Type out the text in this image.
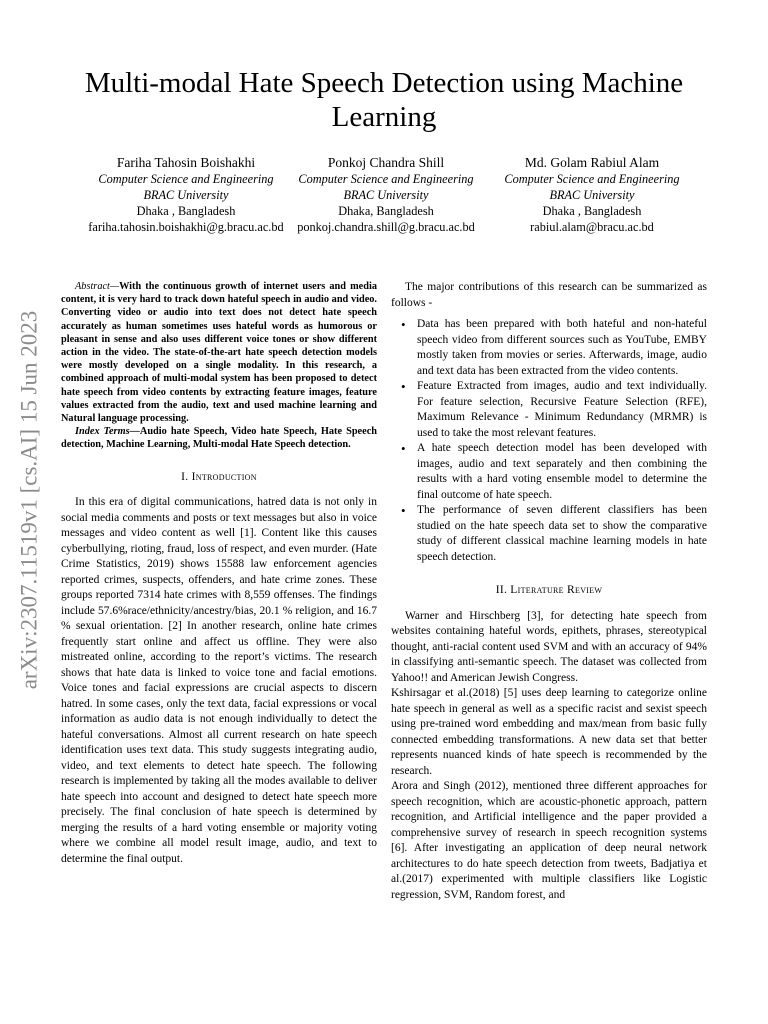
Multi-modal Hate Speech Detection using Machine Learning
Fariha Tahosin Boishakhi
Computer Science and Engineering
BRAC University
Dhaka , Bangladesh
fariha.tahosin.boishakhi@g.bracu.ac.bd
Ponkoj Chandra Shill
Computer Science and Engineering
BRAC University
Dhaka, Bangladesh
ponkoj.chandra.shill@g.bracu.ac.bd
Md. Golam Rabiul Alam
Computer Science and Engineering
BRAC University
Dhaka , Bangladesh
rabiul.alam@bracu.ac.bd
arXiv:2307.11519v1 [cs.AI] 15 Jun 2023

Abstract—With the continuous growth of internet users and media content, it is very hard to track down hateful speech in audio and video. Converting video or audio into text does not detect hate speech accurately as human sometimes uses hateful words as humorous or pleasant in sense and also uses different voice tones or show different action in the video. The state-of-the-art hate speech detection models were mostly developed on a single modality. In this research, a combined approach of multi-modal system has been proposed to detect hate speech from video contents by extracting feature images, feature values extracted from the audio, text and used machine learning and Natural language processing.

Index Terms—Audio hate Speech, Video hate Speech, Hate Speech detection, Machine Learning, Multi-modal Hate Speech detection.

I. Introduction

In this era of digital communications, hatred data is not only in social media comments and posts or text messages but also in voice messages and video content as well [1]. Content like this causes cyberbullying, rioting, fraud, loss of respect, and even murder. (Hate Crime Statistics, 2019) shows 15588 law enforcement agencies reported crimes, suspects, offenders, and hate crime zones. These groups reported 7314 hate crimes with 8,559 offenses. The findings include 57.6%race/ethnicity/ancestry/bias, 20.1 % religion, and 16.7 % sexual orientation. [2] In another research, online hate crimes frequently start online and affect us offline. They were also mistreated online, according to the report’s victims. The research shows that hate data is linked to voice tone and facial emotions. Voice tones and facial expressions are crucial aspects to discern hatred. In some cases, only the text data, facial expressions or vocal information as audio data is not enough individually to detect the hateful conversations. Almost all current research on hate speech identification uses text data. This study suggests integrating audio, video, and text elements to detect hate speech. The following research is implemented by taking all the modes available to deliver hate speech into account and designed to detect hate speech more precisely. The final conclusion of hate speech is determined by merging the results of a hard voting ensemble or majority voting where we combine all model result image, audio, and text to determine the final output.

The major contributions of this research can be summarized as follows -

• Data has been prepared with both hateful and non-hateful speech video from different sources such as YouTube, EMBY mostly taken from movies or series. Afterwards, image, audio and text data has been extracted from the video contents.
• Feature Extracted from images, audio and text individually. For feature selection, Recursive Feature Selection (RFE), Maximum Relevance - Minimum Redundancy (MRMR) is used to take the most relevant features.
• A hate speech detection model has been developed with images, audio and text separately and then combining the results with a hard voting ensemble model to determine the final outcome of hate speech.
• The performance of seven different classifiers has been studied on the hate speech data set to show the comparative study of different classical machine learning models in hate speech detection.
II. Literature Review

Warner and Hirschberg [3], for detecting hate speech from websites containing hateful words, epithets, phrases, stereotypical thought, anti-racial content used SVM and with an accuracy of 94% in classifying anti-semantic speech. The dataset was collected from Yahoo!! and American Jewish Congress.

Kshirsagar et al.(2018) [5] uses deep learning to categorize online hate speech in general as well as a specific racist and sexist speech using pre-trained word embedding and max/mean from basic fully connected embedding transformations. A new data set that better represents nuanced kinds of hate speech is recommended by the research.

Arora and Singh (2012), mentioned three different approaches for speech recognition, which are acoustic-phonetic approach, pattern recognition, and Artificial intelligence and the paper provided a comprehensive survey of research in speech recognition systems [6]. After investigating an application of deep neural network architectures to do hate speech detection from tweets, Badjatiya et al.(2017) experimented with multiple classifiers like Logistic regression, SVM, Random forest, and
